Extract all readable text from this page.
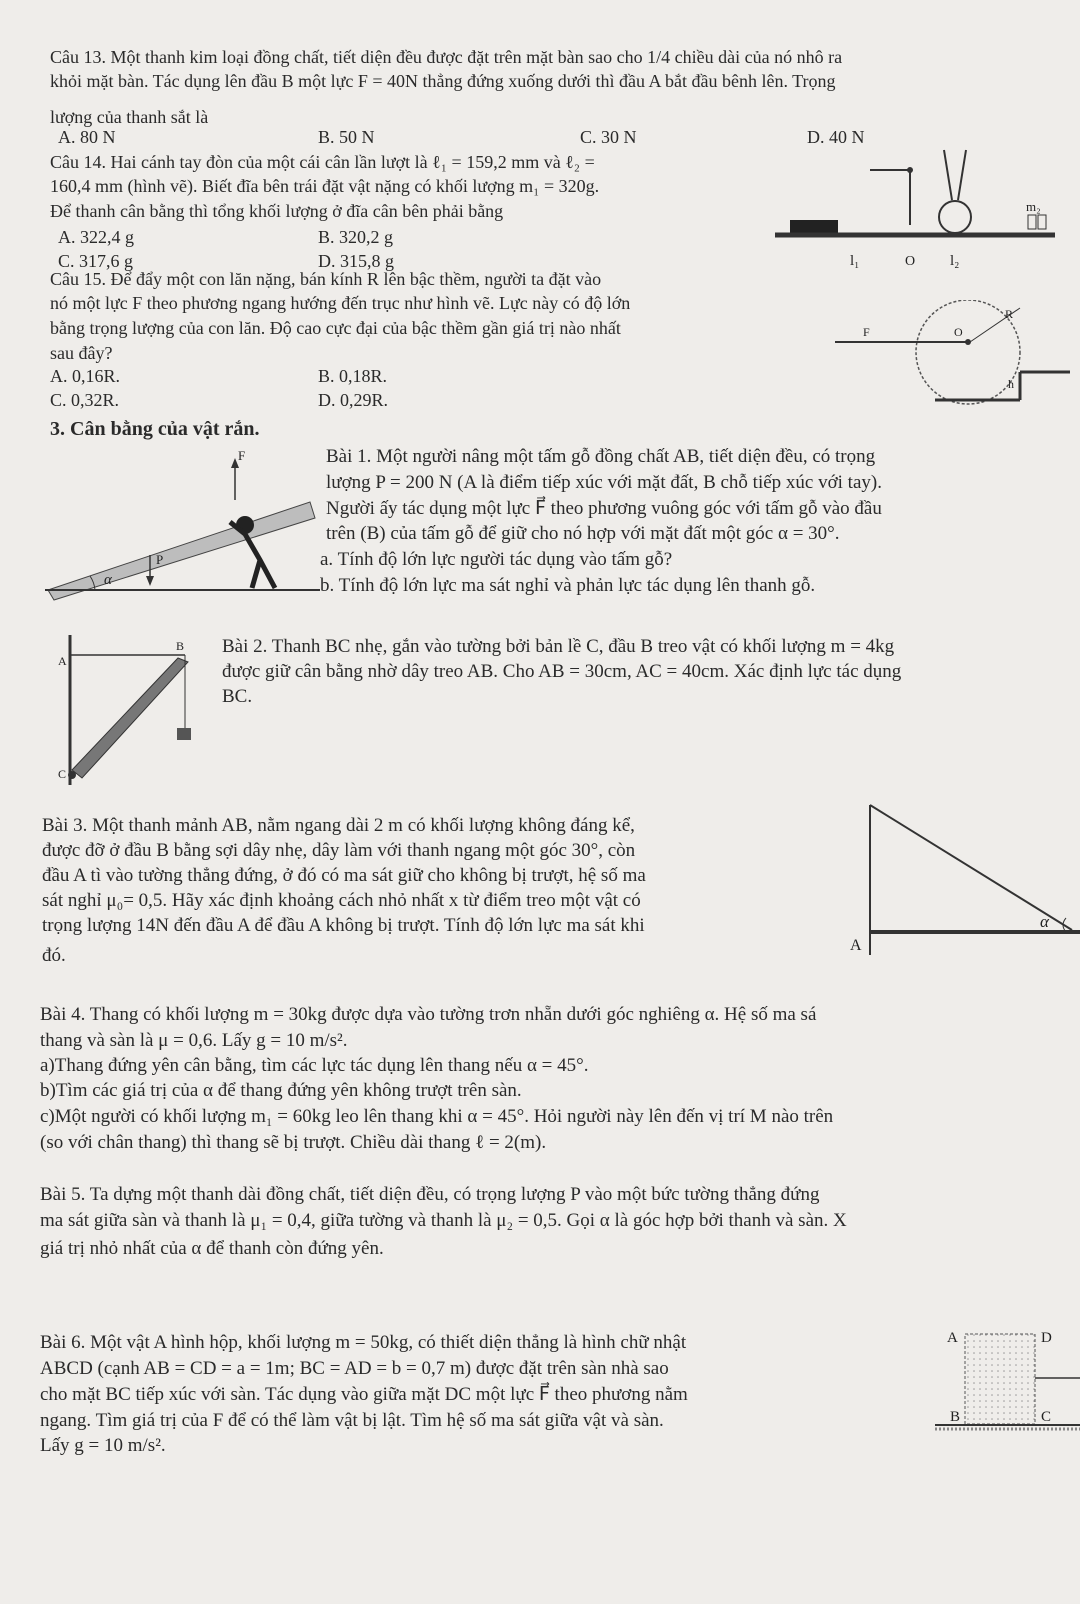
Câu 13. Một thanh kim loại đồng chất, tiết diện đều được đặt trên mặt bàn sao cho 1/4 chiều dài của nó nhô ra
khỏi mặt bàn. Tác dụng lên đầu B một lực F = 40N thẳng đứng xuống dưới thì đầu A bắt đầu bênh lên. Trọng
lượng của thanh sắt là
A. 80 N	B. 50 N	C. 30 N	D. 40 N
Câu 14. Hai cánh tay đòn của một cái cân lần lượt là ℓ₁ = 159,2 mm và ℓ₂ =
160,4 mm (hình vẽ). Biết đĩa bên trái đặt vật nặng có khối lượng m₁ = 320g.
Để thanh cân bằng thì tổng khối lượng ở đĩa cân bên phải bằng
A. 322,4 g	B. 320,2 g
C. 317,6 g	D. 315,8 g	l₁	O l₂
m₂
Câu 15. Để đẩy một con lăn nặng, bán kính R lên bậc thềm, người ta đặt vào
nó một lực F theo phương ngang hướng đến trục như hình vẽ. Lực này có độ lớn
bằng trọng lượng của con lăn. Độ cao cực đại của bậc thềm gần giá trị nào nhất
sau đây?
A. 0,16R.	B. 0,18R.
C. 0,32R.	D. 0,29R.
R
F	O
h
3. Cân bằng của vật rắn.
Bài 1. Một người nâng một tấm gỗ đồng chất AB, tiết diện đều, có trọng
lượng P = 200 N (A là điểm tiếp xúc với mặt đất, B chỗ tiếp xúc với tay).
Người ấy tác dụng một lực F⃗ theo phương vuông góc với tấm gỗ vào đầu
trên (B) của tấm gỗ để giữ cho nó hợp với mặt đất một góc α = 30°.
a. Tính độ lớn lực người tác dụng vào tấm gỗ?
b. Tính độ lớn lực ma sát nghỉ và phản lực tác dụng lên thanh gỗ.
F
P
α
Bài 2. Thanh BC nhẹ, gắn vào tường bởi bản lề C, đầu B treo vật có khối lượng m = 4kg
được giữ cân bằng nhờ dây treo AB. Cho AB = 30cm, AC = 40cm. Xác định lực tác dụng
BC.
A
B
C
Bài 3. Một thanh mảnh AB, nằm ngang dài 2 m có khối lượng không đáng kể,
được đỡ ở đầu B bằng sợi dây nhẹ, dây làm với thanh ngang một góc 30°, còn
đầu A tì vào tường thẳng đứng, ở đó có ma sát giữ cho không bị trượt, hệ số ma
sát nghỉ μ₀= 0,5. Hãy xác định khoảng cách nhỏ nhất x từ điểm treo một vật có
trọng lượng 14N đến đầu A để đầu A không bị trượt. Tính độ lớn lực ma sát khi
đó.	A
α
Bài 4. Thang có khối lượng m = 30kg được dựa vào tường trơn nhẵn dưới góc nghiêng α. Hệ số ma sá
thang và sàn là μ = 0,6. Lấy g = 10 m/s².
a)Thang đứng yên cân bằng, tìm các lực tác dụng lên thang nếu α = 45°.
b)Tìm các giá trị của α để thang đứng yên không trượt trên sàn.
c)Một người có khối lượng m₁ = 60kg leo lên thang khi α = 45°. Hỏi người này lên đến vị trí M nào trên
(so với chân thang) thì thang sẽ bị trượt. Chiều dài thang ℓ = 2(m).
Bài 5. Ta dựng một thanh dài đồng chất, tiết diện đều, có trọng lượng P vào một bức tường thẳng đứng
ma sát giữa sàn và thanh là μ₁ = 0,4, giữa tường và thanh là μ₂ = 0,5. Gọi α là góc hợp bởi thanh và sàn. X
giá trị nhỏ nhất của α để thanh còn đứng yên.
Bài 6. Một vật A hình hộp, khối lượng m = 50kg, có thiết diện thẳng là hình chữ nhật
ABCD (cạnh AB = CD = a = 1m; BC = AD = b = 0,7 m) được đặt trên sàn nhà sao
cho mặt BC tiếp xúc với sàn. Tác dụng vào giữa mặt DC một lực F⃗ theo phương nằm
ngang. Tìm giá trị của F để có thể làm vật bị lật. Tìm hệ số ma sát giữa vật và sàn.
Lấy g = 10 m/s².
A	D
B	C
